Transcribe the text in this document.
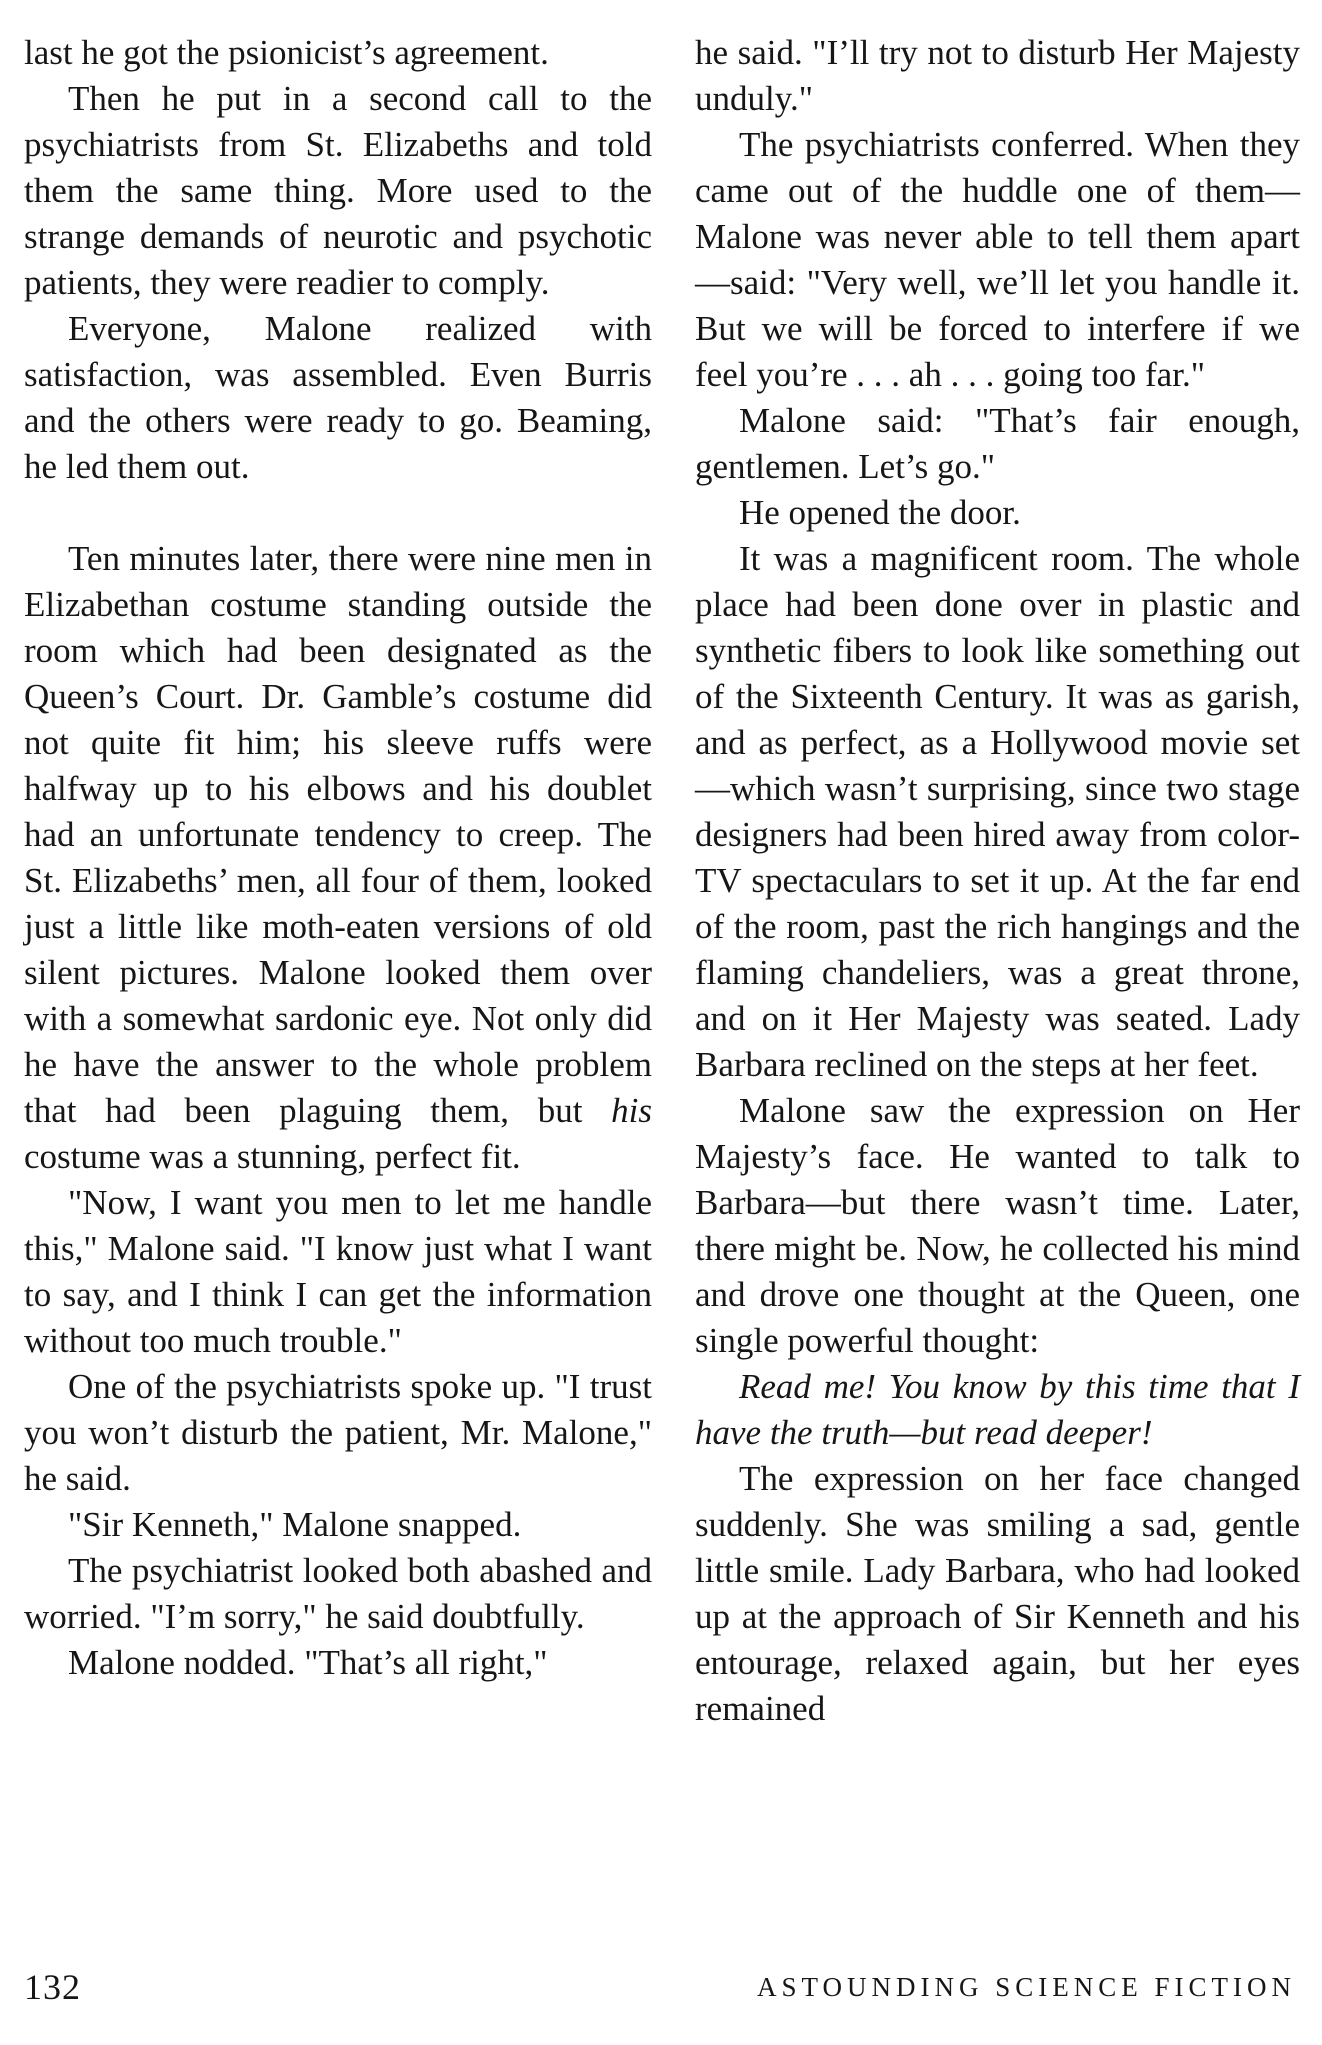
last he got the psionicist’s agreement.

Then he put in a second call to the psychiatrists from St. Elizabeths and told them the same thing. More used to the strange demands of neurotic and psychotic patients, they were readier to comply.

Everyone, Malone realized with satisfaction, was assembled. Even Burris and the others were ready to go. Beaming, he led them out.

Ten minutes later, there were nine men in Elizabethan costume standing outside the room which had been designated as the Queen’s Court. Dr. Gamble’s costume did not quite fit him; his sleeve ruffs were halfway up to his elbows and his doublet had an unfortunate tendency to creep. The St. Elizabeths’ men, all four of them, looked just a little like moth-eaten versions of old silent pictures. Malone looked them over with a somewhat sardonic eye. Not only did he have the answer to the whole problem that had been plaguing them, but his costume was a stunning, perfect fit.

"Now, I want you men to let me handle this," Malone said. "I know just what I want to say, and I think I can get the information without too much trouble."

One of the psychiatrists spoke up. "I trust you won’t disturb the patient, Mr. Malone," he said.

"Sir Kenneth," Malone snapped.

The psychiatrist looked both abashed and worried. "I’m sorry," he said doubtfully.

Malone nodded. "That’s all right,"

he said. "I’ll try not to disturb Her Majesty unduly."

The psychiatrists conferred. When they came out of the huddle one of them—Malone was never able to tell them apart—said: "Very well, we’ll let you handle it. But we will be forced to interfere if we feel you’re . . . ah . . . going too far."

Malone said: "That’s fair enough, gentlemen. Let’s go."

He opened the door.

It was a magnificent room. The whole place had been done over in plastic and synthetic fibers to look like something out of the Sixteenth Century. It was as garish, and as perfect, as a Hollywood movie set—which wasn’t surprising, since two stage designers had been hired away from color-TV spectaculars to set it up. At the far end of the room, past the rich hangings and the flaming chandeliers, was a great throne, and on it Her Majesty was seated. Lady Barbara reclined on the steps at her feet.

Malone saw the expression on Her Majesty’s face. He wanted to talk to Barbara—but there wasn’t time. Later, there might be. Now, he collected his mind and drove one thought at the Queen, one single powerful thought:

Read me! You know by this time that I have the truth—but read deeper!

The expression on her face changed suddenly. She was smiling a sad, gentle little smile. Lady Barbara, who had looked up at the approach of Sir Kenneth and his entourage, relaxed again, but her eyes remained

132	ASTOUNDING SCIENCE FICTION
